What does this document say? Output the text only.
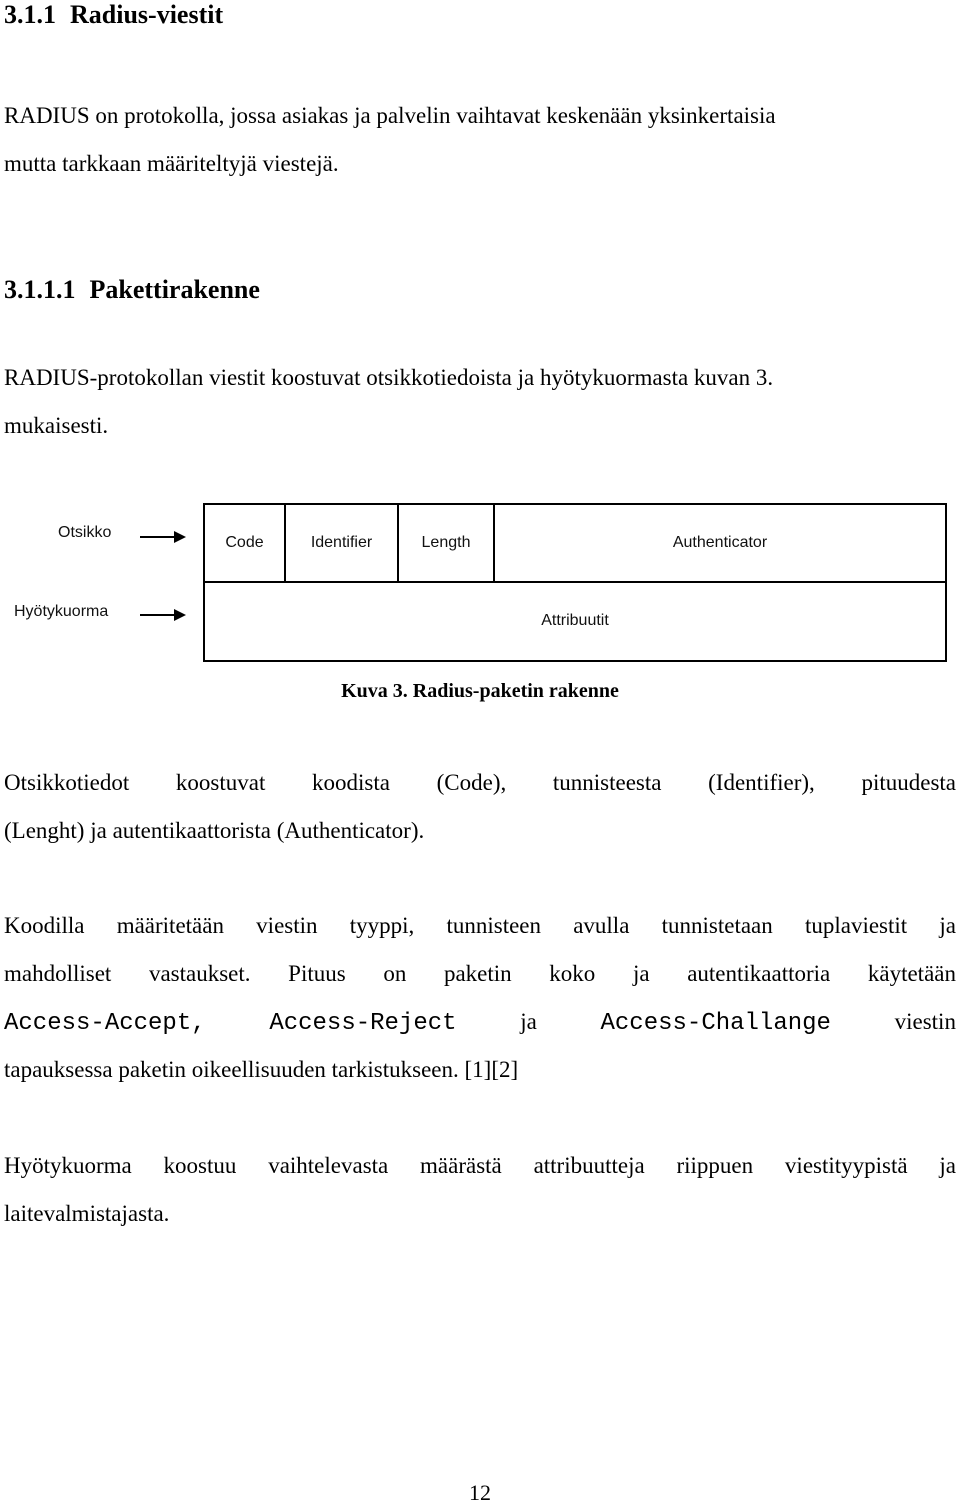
3.1.1 Radius-viestit
RADIUS on protokolla, jossa asiakas ja palvelin vaihtavat keskenään yksinkertaisia
mutta tarkkaan määriteltyjä viestejä.
3.1.1.1 Pakettirakenne
RADIUS-protokollan viestit koostuvat otsikkotiedoista ja hyötykuormasta kuvan 3.
mukaisesti.
Otsikko
Hyötykuorma
Code	Identifier	Length	Authenticator
Attribuutit
Kuva 3. Radius-paketin rakenne
Otsikkotiedot koostuvat koodista (Code), tunnisteesta (Identifier), pituudesta
(Lenght) ja autentikaattorista (Authenticator).
Koodilla määritetään viestin tyyppi, tunnisteen avulla tunnistetaan tuplaviestit ja
mahdolliset vastaukset. Pituus on paketin koko ja autentikaattoria käytetään
Access-Accept,	Access-Reject	ja	Access-Challange	viestin
tapauksessa paketin oikeellisuuden tarkistukseen. [1][2]
Hyötykuorma koostuu vaihtelevasta määrästä attribuutteja riippuen viestityypistä ja
laitevalmistajasta.
12
